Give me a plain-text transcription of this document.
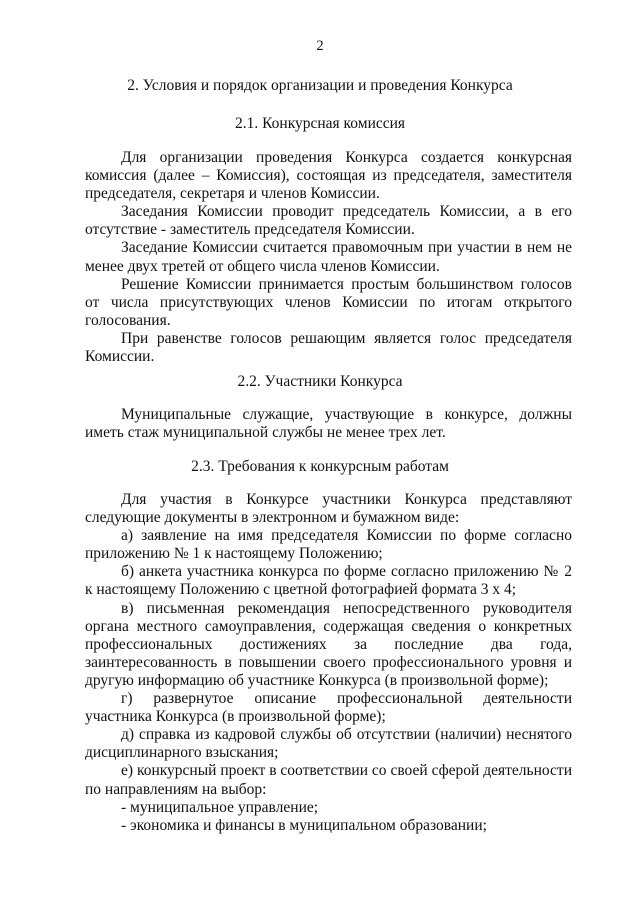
2
2. Условия и порядок организации и проведения Конкурса
2.1. Конкурсная комиссия

Для организации проведения Конкурса создается конкурсная комиссия (далее – Комиссия), состоящая из председателя, заместителя председателя, секретаря и членов Комиссии.

Заседания Комиссии проводит председатель Комиссии, а в его отсутствие - заместитель председателя Комиссии.

Заседание Комиссии считается правомочным при участии в нем не менее двух третей от общего числа членов Комиссии.

Решение Комиссии принимается простым большинством голосов от числа присутствующих членов Комиссии по итогам открытого голосования.

При равенстве голосов решающим является голос председателя Комиссии.

2.2. Участники Конкурса

Муниципальные служащие, участвующие в конкурсе, должны иметь стаж муниципальной службы не менее трех лет.

2.3. Требования к конкурсным работам

Для участия в Конкурсе участники Конкурса представляют следующие документы в электронном и бумажном виде:

а) заявление на имя председателя Комиссии по форме согласно приложению № 1 к настоящему Положению;

б) анкета участника конкурса по форме согласно приложению № 2 к настоящему Положению с цветной фотографией формата 3 х 4;

в) письменная рекомендация непосредственного руководителя органа местного самоуправления, содержащая сведения о конкретных профессиональных достижениях за последние два года, заинтересованность в повышении своего профессионального уровня и другую информацию об участнике Конкурса (в произвольной форме);

г) развернутое описание профессиональной деятельности участника Конкурса (в произвольной форме);

д) справка из кадровой службы об отсутствии (наличии) неснятого дисциплинарного взыскания;

е) конкурсный проект в соответствии со своей сферой деятельности по направлениям на выбор:

- муниципальное управление;

- экономика и финансы в муниципальном образовании;
